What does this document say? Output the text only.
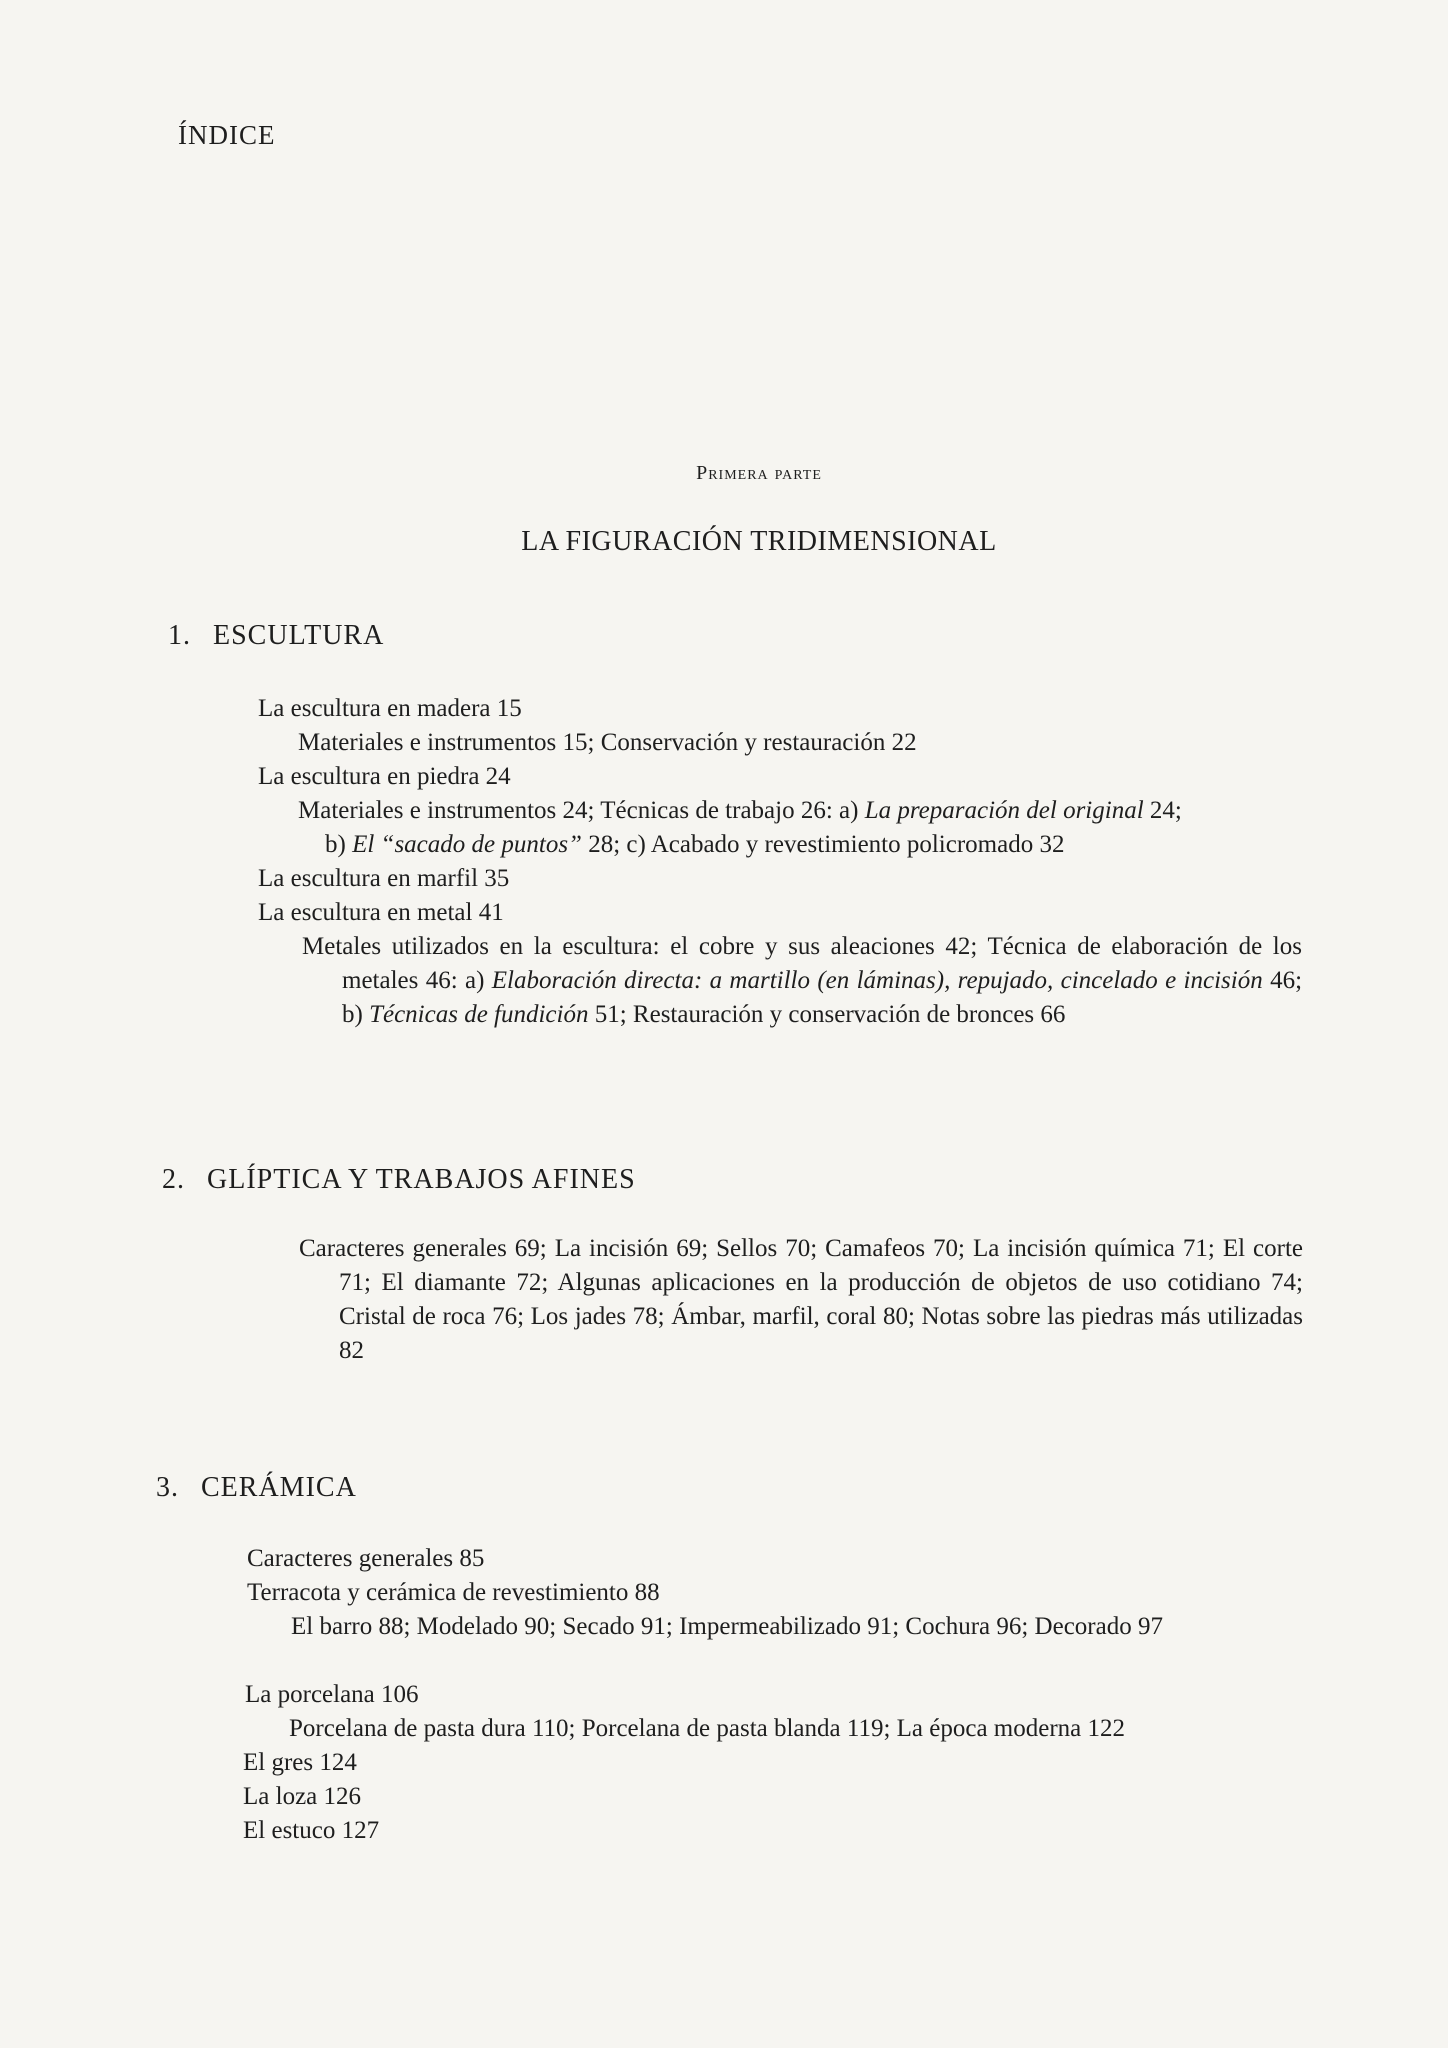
ÍNDICE
Primera parte
LA FIGURACIÓN TRIDIMENSIONAL
1. ESCULTURA
La escultura en madera 15
Materiales e instrumentos 15; Conservación y restauración 22
La escultura en piedra 24
Materiales e instrumentos 24; Técnicas de trabajo 26: a) La preparación del original 24;
b) El “sacado de puntos” 28; c) Acabado y revestimiento policromado 32
La escultura en marfil 35
La escultura en metal 41
Metales utilizados en la escultura: el cobre y sus aleaciones 42; Técnica de elaboración de los metales 46: a) Elaboración directa: a martillo (en láminas), repujado, cincelado e incisión 46; b) Técnicas de fundición 51; Restauración y conservación de bronces 66
2. GLÍPTICA Y TRABAJOS AFINES
Caracteres generales 69; La incisión 69; Sellos 70; Camafeos 70; La incisión química 71; El corte 71; El diamante 72; Algunas aplicaciones en la producción de objetos de uso cotidiano 74; Cristal de roca 76; Los jades 78; Ámbar, marfil, coral 80; Notas sobre las piedras más utilizadas 82
3. CERÁMICA
Caracteres generales 85
Terracota y cerámica de revestimiento 88
El barro 88; Modelado 90; Secado 91; Impermeabilizado 91; Cochura 96; Decorado 97
La porcelana 106
Porcelana de pasta dura 110; Porcelana de pasta blanda 119; La época moderna 122
El gres 124
La loza 126
El estuco 127
